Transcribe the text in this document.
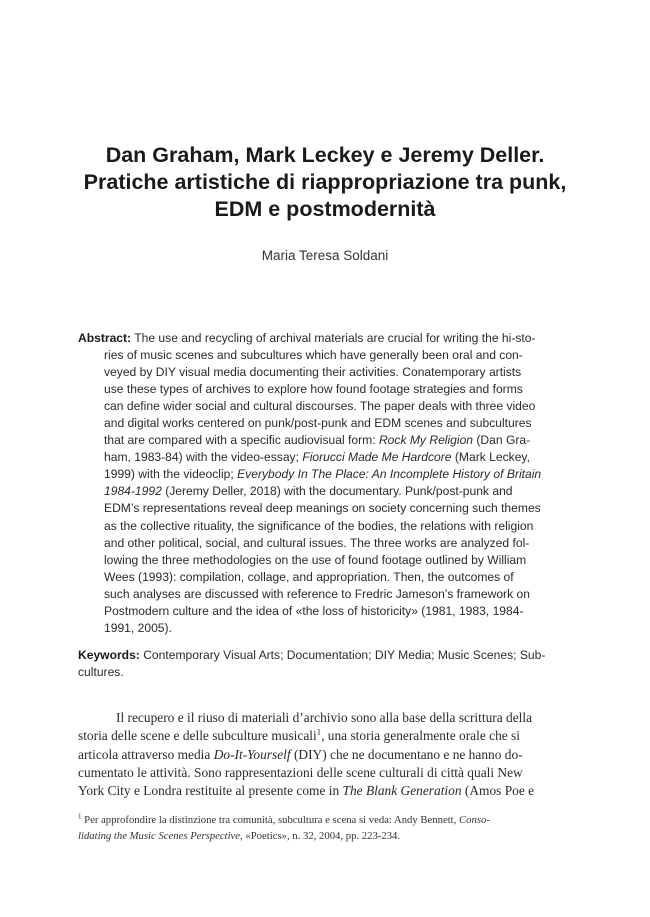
Dan Graham, Mark Leckey e Jeremy Deller.
Pratiche artistiche di riappropriazione tra punk,
EDM e postmodernità
Maria Teresa Soldani
Abstract: The use and recycling of archival materials are crucial for writing the hi-sto-
ries of music scenes and subcultures which have generally been oral and con-
veyed by DIY visual media documenting their activities. Conatemporary artists
use these types of archives to explore how found footage strategies and forms
can define wider social and cultural discourses. The paper deals with three video
and digital works centered on punk/post-punk and EDM scenes and subcultures
that are compared with a specific audiovisual form: Rock My Religion (Dan Gra-
ham, 1983-84) with the video-essay; Fiorucci Made Me Hardcore (Mark Leckey,
1999) with the videoclip; Everybody In The Place: An Incomplete History of Britain
1984-1992 (Jeremy Deller, 2018) with the documentary. Punk/post-punk and
EDM’s representations reveal deep meanings on society concerning such themes
as the collective rituality, the significance of the bodies, the relations with religion
and other political, social, and cultural issues. The three works are analyzed fol-
lowing the three methodologies on the use of found footage outlined by William
Wees (1993): compilation, collage, and appropriation. Then, the outcomes of
such analyses are discussed with reference to Fredric Jameson’s framework on
Postmodern culture and the idea of «the loss of historicity» (1981, 1983, 1984-
1991, 2005).
Keywords: Contemporary Visual Arts; Documentation; DIY Media; Music Scenes; Sub-
cultures.
Il recupero e il riuso di materiali d’archivio sono alla base della scrittura della
storia delle scene e delle subculture musicali$^1$, una storia generalmente orale che si
articola attraverso media Do-It-Yourself (DIY) che ne documentano e ne hanno do-
cumentato le attività. Sono rappresentazioni delle scene culturali di città quali New
York City e Londra restituite al presente come in The Blank Generation (Amos Poe e
$^1$ Per approfondire la distinzione tra comunità, subcultura e scena si veda: Andy Bennett, Conso-
lidating the Music Scenes Perspective, «Poetics», n. 32, 2004, pp. 223-234.
